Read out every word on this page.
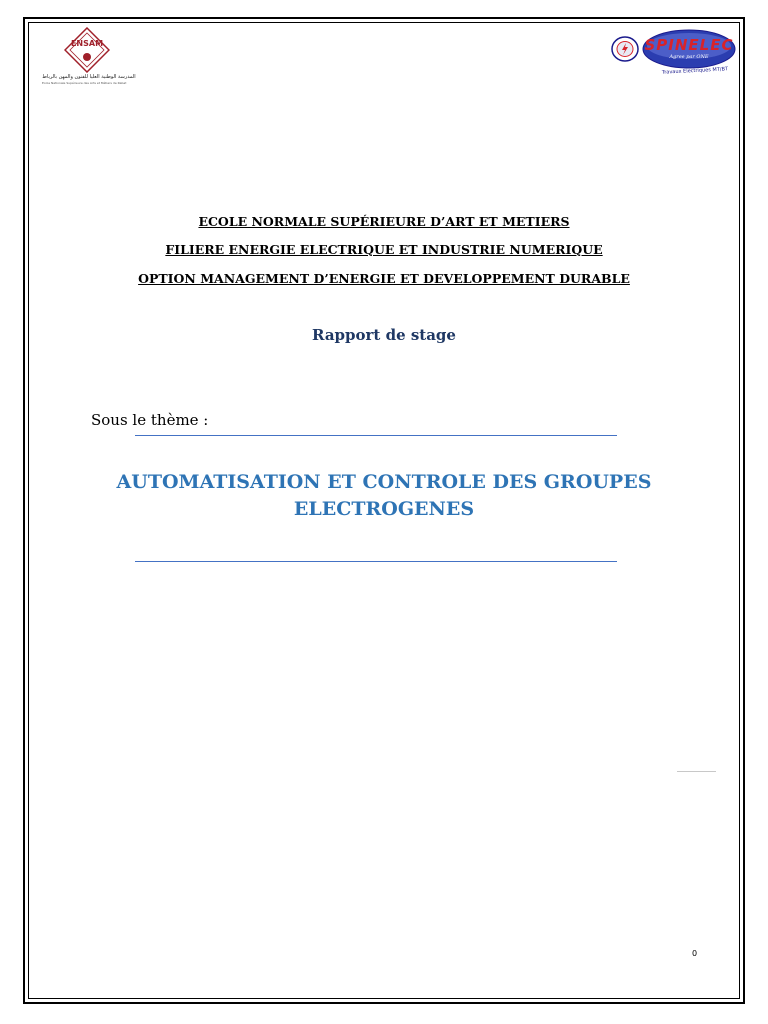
ENSAM
المدرسة الوطنية العليا للفنون والمهن بالرباط
Ecole Nationale Supérieure des Arts et Métiers de Rabat
SPINELEC
Agree par ONE
Travaux Electriques MT/BT
ECOLE NORMALE SUPÉRIEURE D’ART ET METIERS
FILIERE ENERGIE ELECTRIQUE ET INDUSTRIE NUMERIQUE
OPTION MANAGEMENT D’ENERGIE ET DEVELOPPEMENT DURABLE
Rapport de stage
Sous le thème :
AUTOMATISATION ET CONTROLE DES GROUPES ELECTROGENES
0
